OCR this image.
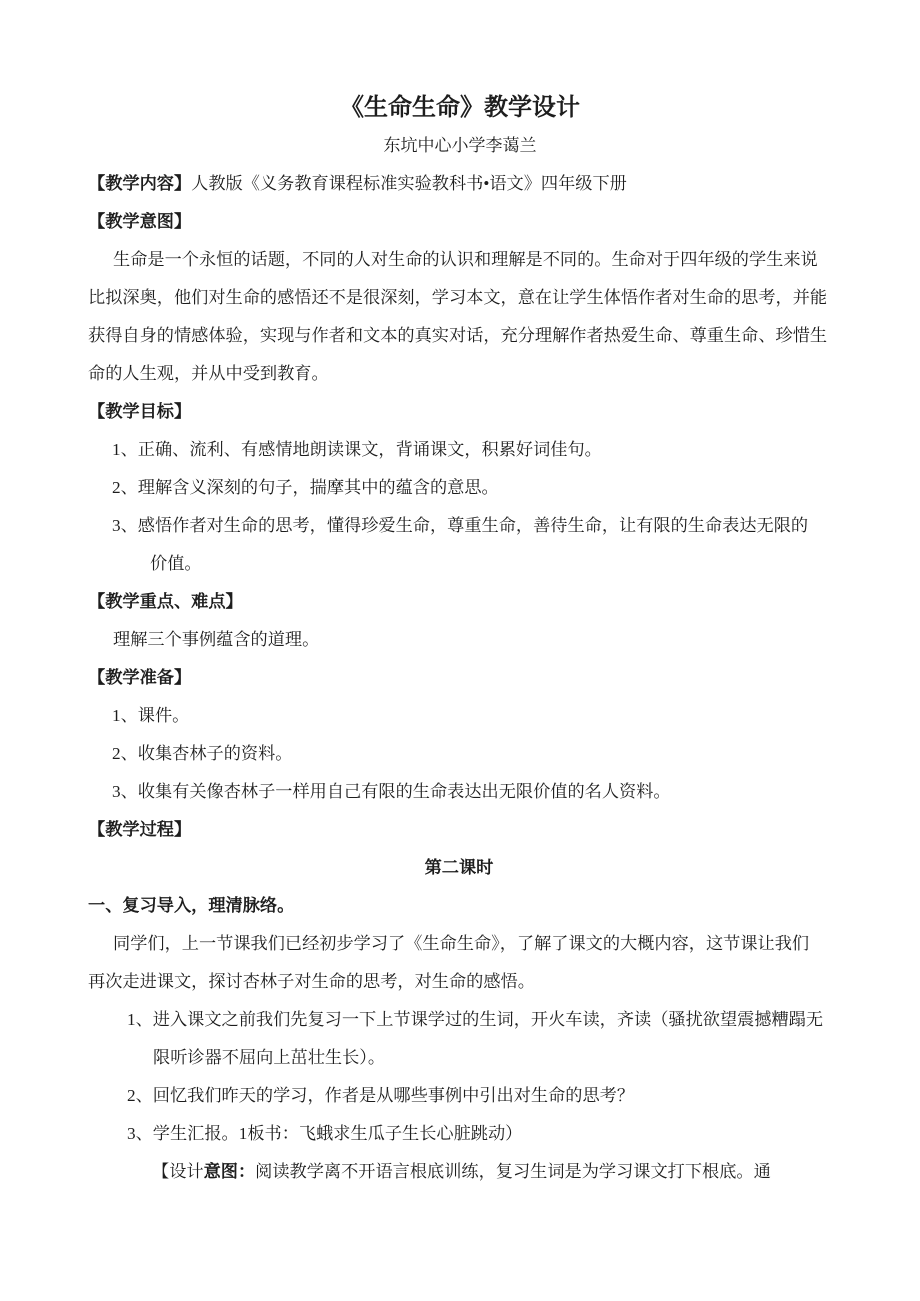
《生命生命》教学设计
东坑中心小学李蔼兰

【教学内容】人教版《义务教育课程标准实验教科书•语文》四年级下册

【教学意图】

生命是一个永恒的话题，不同的人对生命的认识和理解是不同的。生命对于四年级的学生来说

比拟深奥，他们对生命的感悟还不是很深刻，学习本文，意在让学生体悟作者对生命的思考，并能

获得自身的情感体验，实现与作者和文本的真实对话，充分理解作者热爱生命、尊重生命、珍惜生

命的人生观，并从中受到教育。

【教学目标】

1、正确、流利、有感情地朗读课文，背诵课文，积累好词佳句。

2、理解含义深刻的句子，揣摩其中的蕴含的意思。

3、感悟作者对生命的思考，懂得珍爱生命，尊重生命，善待生命，让有限的生命表达无限的

价值。

【教学重点、难点】

理解三个事例蕴含的道理。

【教学准备】

1、课件。

2、收集杏林子的资料。

3、收集有关像杏林子一样用自己有限的生命表达出无限价值的名人资料。

【教学过程】

第二课时

一、复习导入，理清脉络。

同学们，上一节课我们已经初步学习了《生命生命》，了解了课文的大概内容，这节课让我们

再次走进课文，探讨杏林子对生命的思考，对生命的感悟。

1、进入课文之前我们先复习一下上节课学过的生词，开火车读，齐读（骚扰欲望震撼糟蹋无

限听诊器不屈向上茁壮生长）。

2、回忆我们昨天的学习，作者是从哪些事例中引出对生命的思考？

3、学生汇报。1板书：飞蛾求生瓜子生长心脏跳动）

【设计意图：阅读教学离不开语言根底训练，复习生词是为学习课文打下根底。通
